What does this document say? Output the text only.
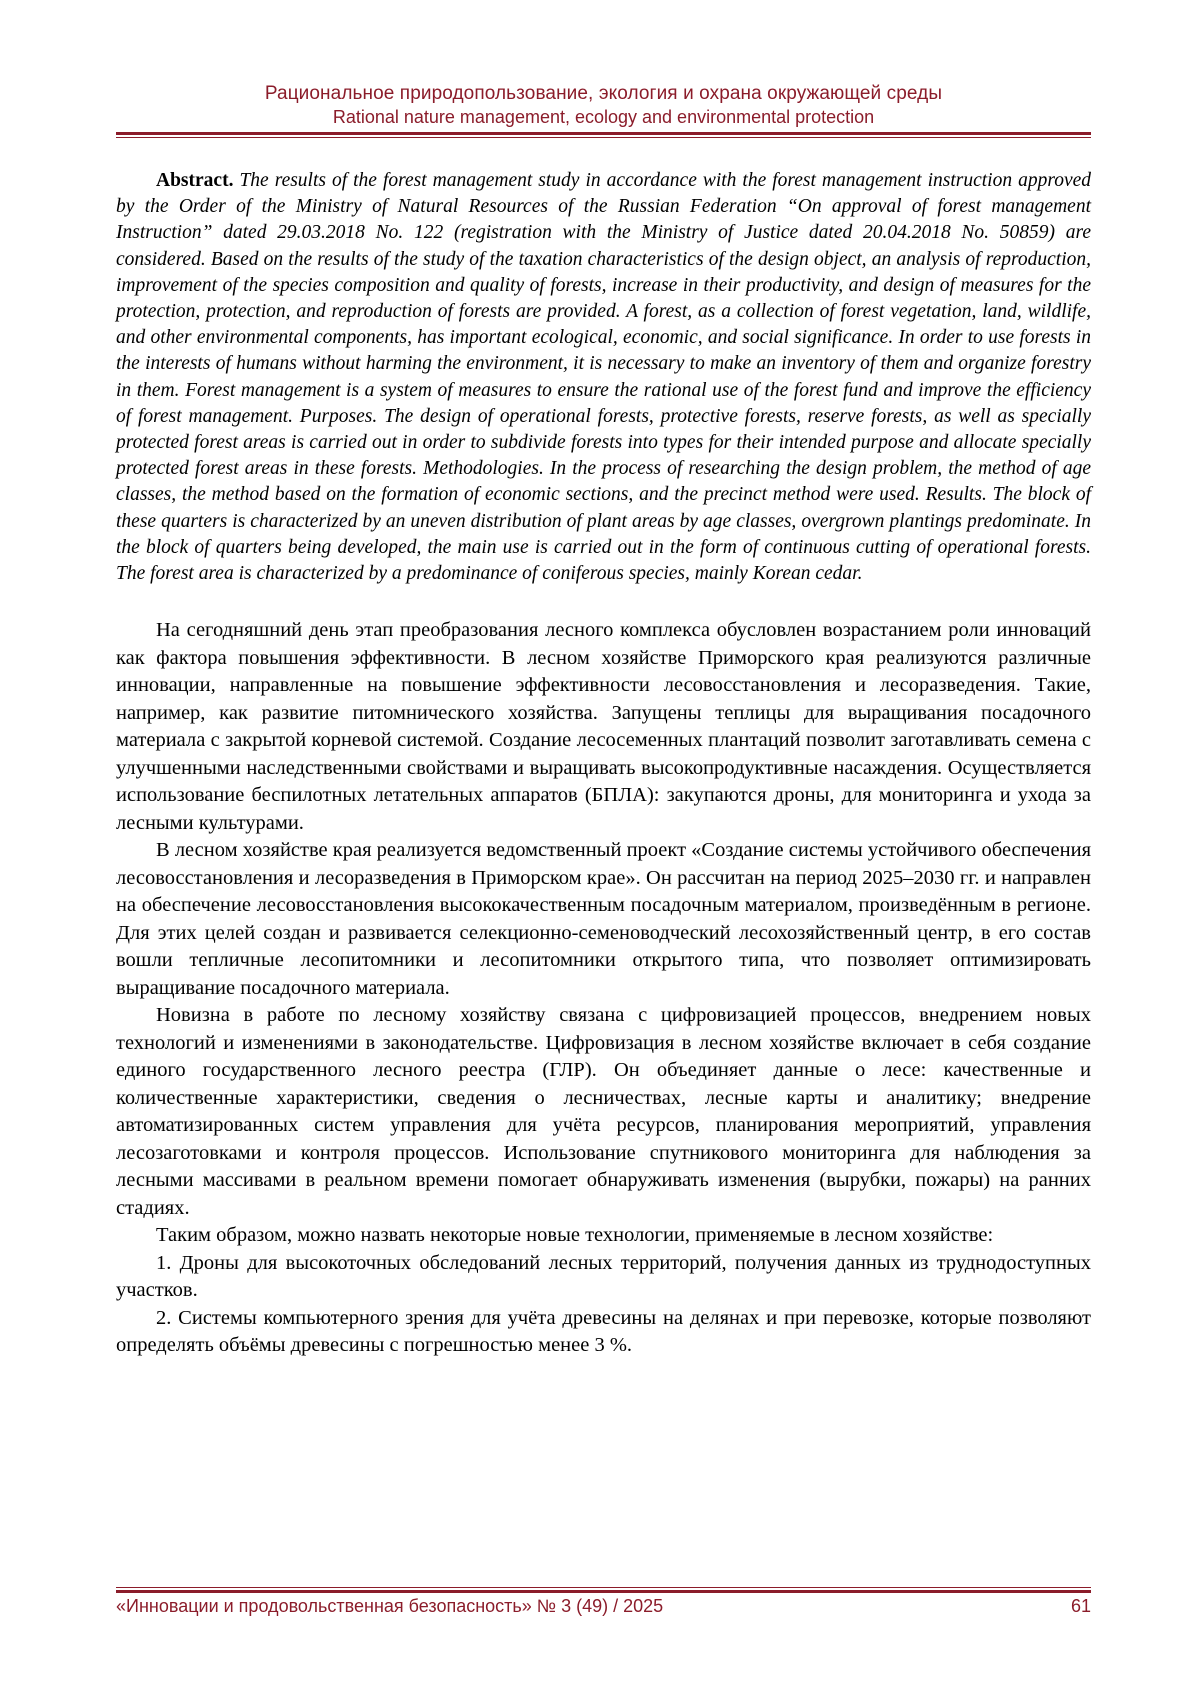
Рациональное природопользование, экология и охрана окружающей среды
Rational nature management, ecology and environmental protection

Abstract. The results of the forest management study in accordance with the forest management instruction approved by the Order of the Ministry of Natural Resources of the Russian Federation “On approval of forest management Instruction” dated 29.03.2018 No. 122 (registration with the Ministry of Justice dated 20.04.2018 No. 50859) are considered. Based on the results of the study of the taxation characteristics of the design object, an analysis of reproduction, improvement of the species composition and quality of forests, increase in their productivity, and design of measures for the protection, protection, and reproduction of forests are provided. A forest, as a collection of forest vegetation, land, wildlife, and other environmental components, has important ecological, economic, and social significance. In order to use forests in the interests of humans without harming the environment, it is necessary to make an inventory of them and organize forestry in them. Forest management is a system of measures to ensure the rational use of the forest fund and improve the efficiency of forest management. Purposes. The design of operational forests, protective forests, reserve forests, as well as specially protected forest areas is carried out in order to subdivide forests into types for their intended purpose and allocate specially protected forest areas in these forests. Methodologies. In the process of researching the design problem, the method of age classes, the method based on the formation of economic sections, and the precinct method were used. Results. The block of these quarters is characterized by an uneven distribution of plant areas by age classes, overgrown plantings predominate. In the block of quarters being developed, the main use is carried out in the form of continuous cutting of operational forests. The forest area is characterized by a predominance of coniferous species, mainly Korean cedar.

На сегодняшний день этап преобразования лесного комплекса обусловлен возрастанием роли инноваций как фактора повышения эффективности. В лесном хозяйстве Приморского края реализуются различные инновации, направленные на повышение эффективности лесовосстановления и лесоразведения. Такие, например, как развитие питомнического хозяйства. Запущены теплицы для выращивания посадочного материала с закрытой корневой системой. Создание лесосеменных плантаций позволит заготавливать семена с улучшенными наследственными свойствами и выращивать высокопродуктивные насаждения. Осуществляется использование беспилотных летательных аппаратов (БПЛА): закупаются дроны, для мониторинга и ухода за лесными культурами.

В лесном хозяйстве края реализуется ведомственный проект «Создание системы устойчивого обеспечения лесовосстановления и лесоразведения в Приморском крае». Он рассчитан на период 2025–2030 гг. и направлен на обеспечение лесовосстановления высококачественным посадочным материалом, произведённым в регионе. Для этих целей создан и развивается селекционно-семеноводческий лесохозяйственный центр, в его состав вошли тепличные лесопитомники и лесопитомники открытого типа, что позволяет оптимизировать выращивание посадочного материала.

Новизна в работе по лесному хозяйству связана с цифровизацией процессов, внедрением новых технологий и изменениями в законодательстве. Цифровизация в лесном хозяйстве включает в себя создание единого государственного лесного реестра (ГЛР). Он объединяет данные о лесе: качественные и количественные характеристики, сведения о лесничествах, лесные карты и аналитику; внедрение автоматизированных систем управления для учёта ресурсов, планирования мероприятий, управления лесозаготовками и контроля процессов. Использование спутникового мониторинга для наблюдения за лесными массивами в реальном времени помогает обнаруживать изменения (вырубки, пожары) на ранних стадиях.

Таким образом, можно назвать некоторые новые технологии, применяемые в лесном хозяйстве:

1. Дроны для высокоточных обследований лесных территорий, получения данных из труднодоступных участков.

2. Системы компьютерного зрения для учёта древесины на делянах и при перевозке, которые позволяют определять объёмы древесины с погрешностью менее 3 %.

«Инновации и продовольственная безопасность» № 3 (49) / 2025	61
